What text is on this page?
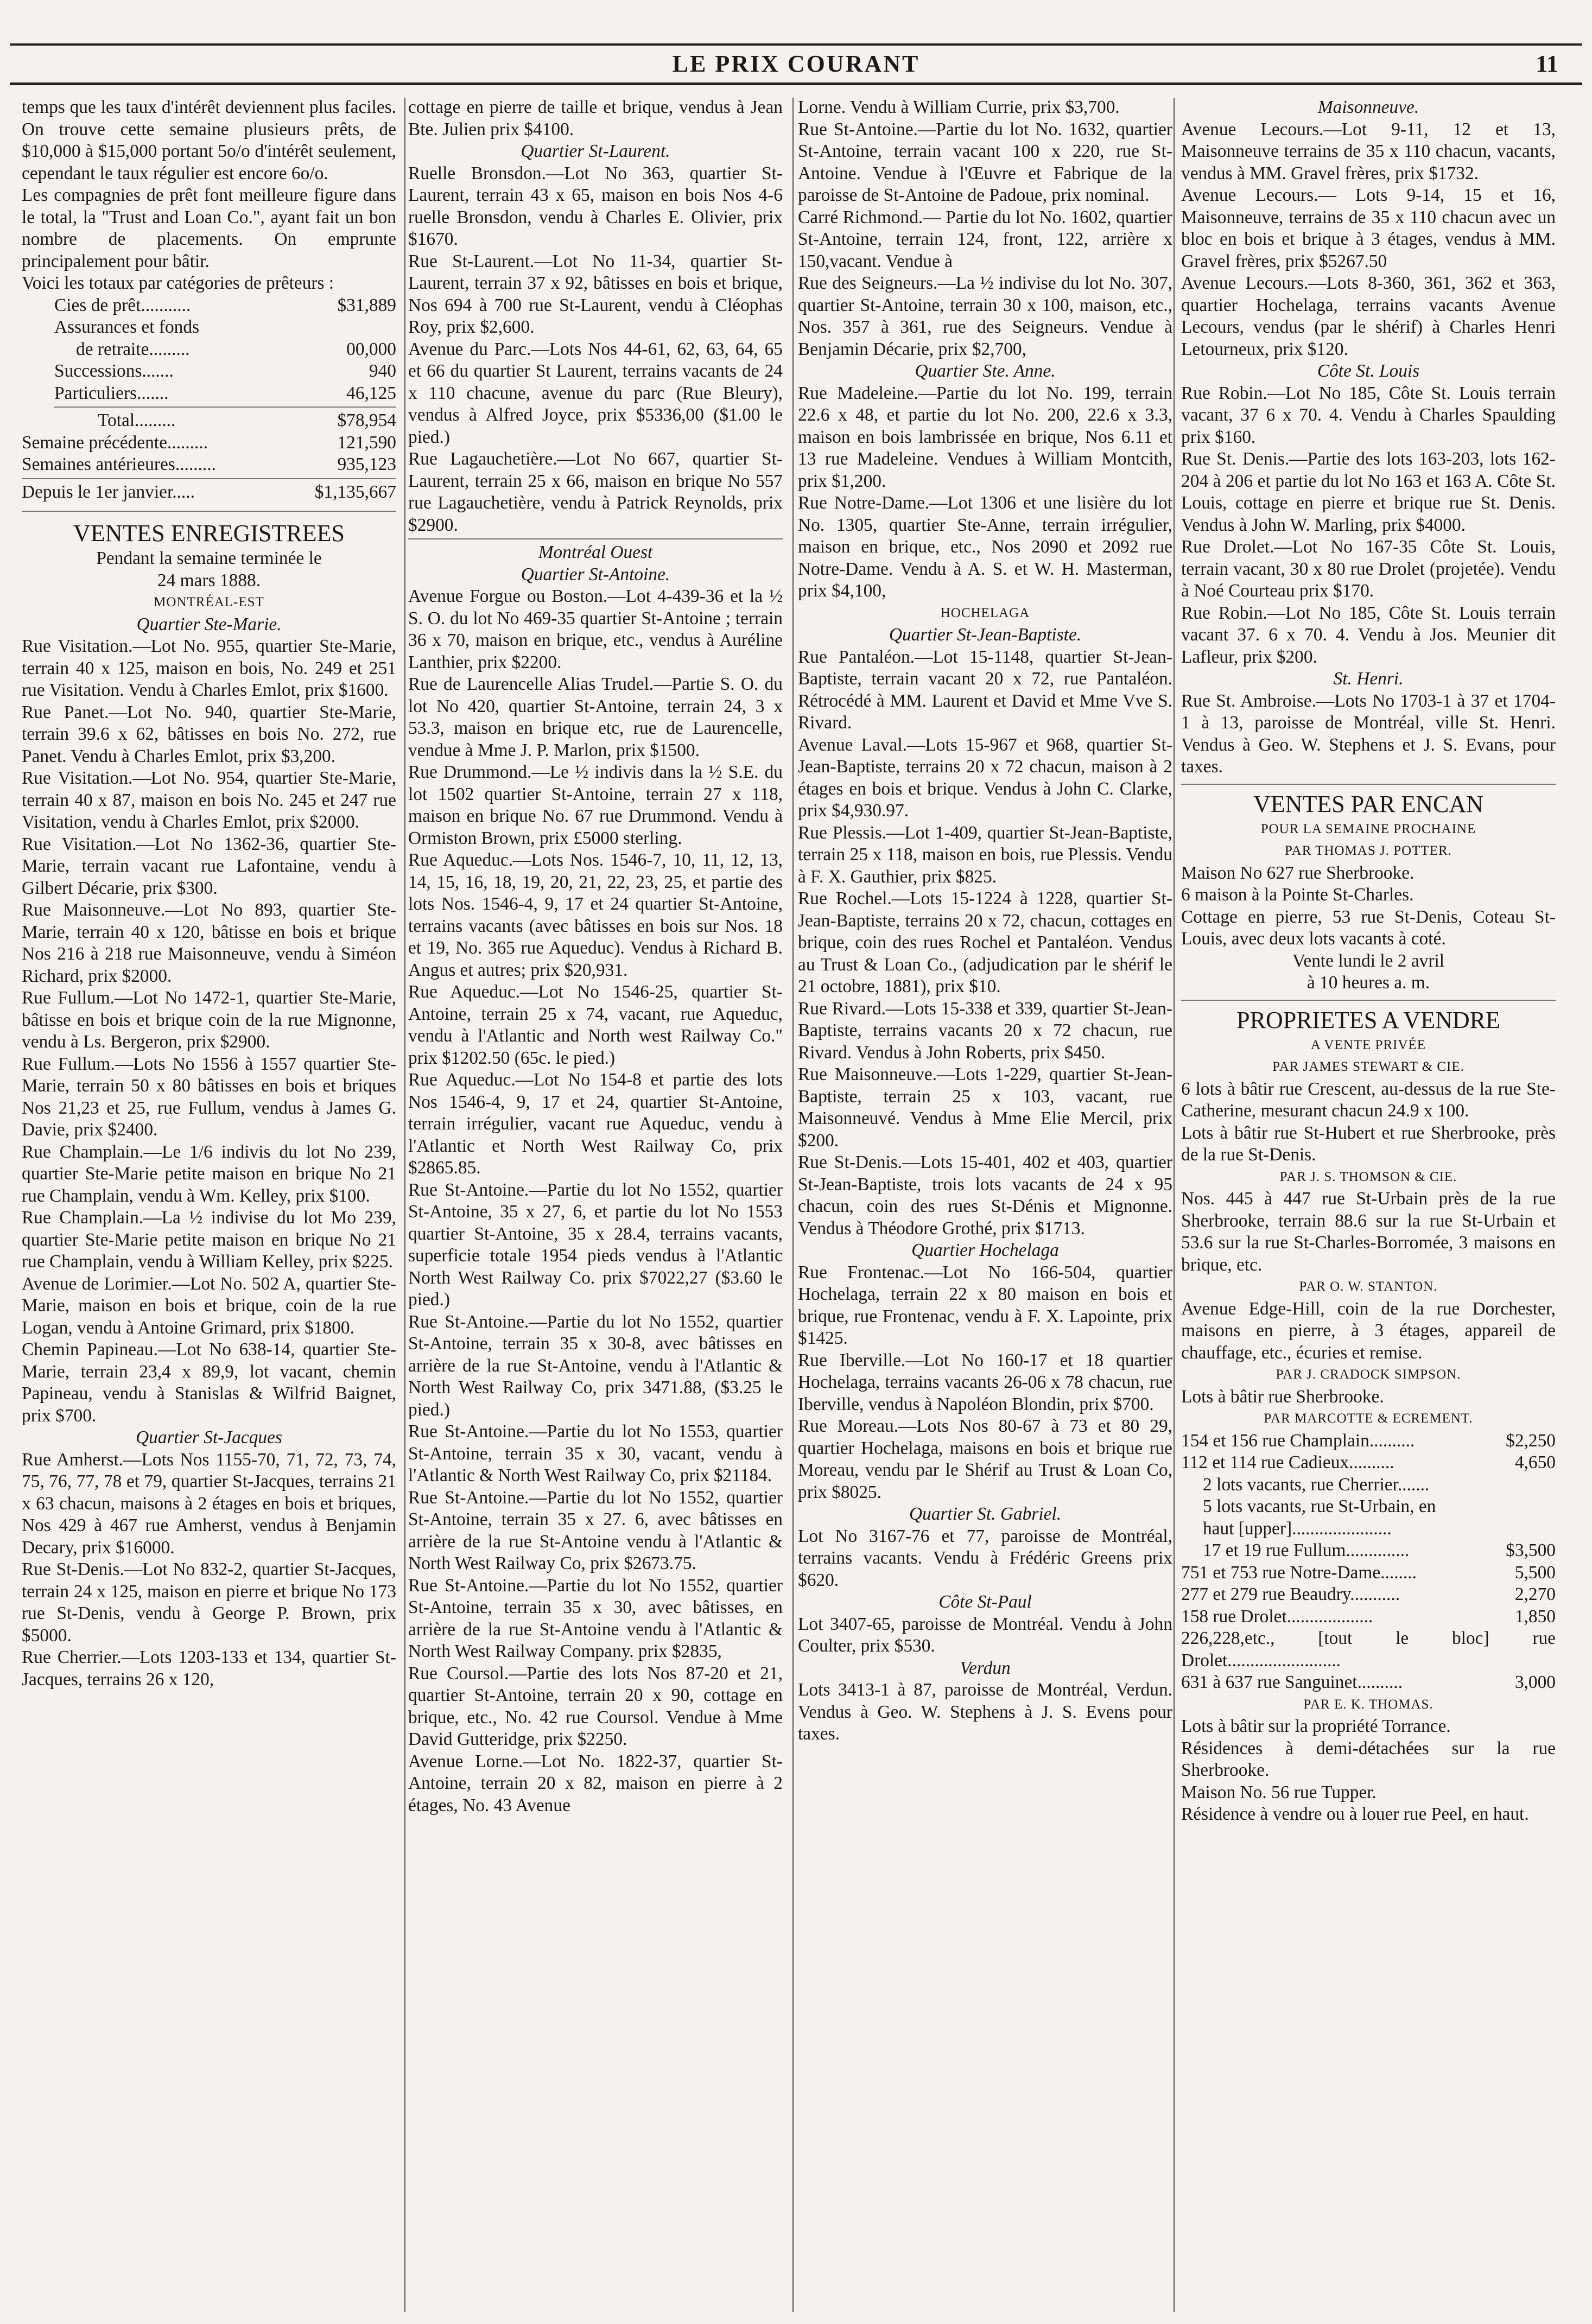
LE PRIX COURANT	11

temps que les taux d'intérêt deviennent plus faciles. On trouve cette semaine plusieurs prêts, de $10,000 à $15,000 portant 5o/o d'intérêt seulement, cependant le taux régulier est encore 6o/o.

Les compagnies de prêt font meilleure figure dans le total, la "Trust and Loan Co.", ayant fait un bon nombre de placements. On emprunte principalement pour bâtir.

Voici les totaux par catégories de prêteurs :

Cies de prêt...........	$31,889
Assurances et fonds
de retraite.........	00,000
Successions.......	940
Particuliers.......	46,125
Total.........	$78,954
Semaine précédente.........	121,590
Semaines antérieures.........	935,123
Depuis le 1er janvier.....	$1,135,667

VENTES ENREGISTREES

Pendant la semaine terminée le

24 mars 1888.

MONTRÉAL-EST

Quartier Ste-Marie.

Rue Visitation.—Lot No. 955, quartier Ste-Marie, terrain 40 x 125, maison en bois, No. 249 et 251 rue Visitation. Vendu à Charles Emlot, prix $1600.

Rue Panet.—Lot No. 940, quartier Ste-Marie, terrain 39.6 x 62, bâtisses en bois No. 272, rue Panet. Vendu à Charles Emlot, prix $3,200.

Rue Visitation.—Lot No. 954, quartier Ste-Marie, terrain 40 x 87, maison en bois No. 245 et 247 rue Visitation, vendu à Charles Emlot, prix $2000.

Rue Visitation.—Lot No 1362-36, quartier Ste-Marie, terrain vacant rue Lafontaine, vendu à Gilbert Décarie, prix $300.

Rue Maisonneuve.—Lot No 893, quartier Ste-Marie, terrain 40 x 120, bâtisse en bois et brique Nos 216 à 218 rue Maisonneuve, vendu à Siméon Richard, prix $2000.

Rue Fullum.—Lot No 1472-1, quartier Ste-Marie, bâtisse en bois et brique coin de la rue Mignonne, vendu à Ls. Bergeron, prix $2900.

Rue Fullum.—Lots No 1556 à 1557 quartier Ste-Marie, terrain 50 x 80 bâtisses en bois et briques Nos 21,23 et 25, rue Fullum, vendus à James G. Davie, prix $2400.

Rue Champlain.—Le 1/6 indivis du lot No 239, quartier Ste-Marie petite maison en brique No 21 rue Champlain, vendu à Wm. Kelley, prix $100.

Rue Champlain.—La ½ indivise du lot Mo 239, quartier Ste-Marie petite maison en brique No 21 rue Champlain, vendu à William Kelley, prix $225.

Avenue de Lorimier.—Lot No. 502 A, quartier Ste-Marie, maison en bois et brique, coin de la rue Logan, vendu à Antoine Grimard, prix $1800.

Chemin Papineau.—Lot No 638-14, quartier Ste-Marie, terrain 23,4 x 89,9, lot vacant, chemin Papineau, vendu à Stanislas & Wilfrid Baignet, prix $700.

Quartier St-Jacques

Rue Amherst.—Lots Nos 1155-70, 71, 72, 73, 74, 75, 76, 77, 78 et 79, quartier St-Jacques, terrains 21 x 63 chacun, maisons à 2 étages en bois et briques, Nos 429 à 467 rue Amherst, vendus à Benjamin Decary, prix $16000.

Rue St-Denis.—Lot No 832-2, quartier St-Jacques, terrain 24 x 125, maison en pierre et brique No 173 rue St-Denis, vendu à George P. Brown, prix $5000.

Rue Cherrier.—Lots 1203-133 et 134, quartier St-Jacques, terrains 26 x 120,

cottage en pierre de taille et brique, vendus à Jean Bte. Julien prix $4100.

Quartier St-Laurent.

Ruelle Bronsdon.—Lot No 363, quartier St-Laurent, terrain 43 x 65, maison en bois Nos 4-6 ruelle Bronsdon, vendu à Charles E. Olivier, prix $1670.

Rue St-Laurent.—Lot No 11-34, quartier St-Laurent, terrain 37 x 92, bâtisses en bois et brique, Nos 694 à 700 rue St-Laurent, vendu à Cléophas Roy, prix $2,600.

Avenue du Parc.—Lots Nos 44-61, 62, 63, 64, 65 et 66 du quartier St Laurent, terrains vacants de 24 x 110 chacune, avenue du parc (Rue Bleury), vendus à Alfred Joyce, prix $5336,00 ($1.00 le pied.)

Rue Lagauchetière.—Lot No 667, quartier St-Laurent, terrain 25 x 66, maison en brique No 557 rue Lagauchetière, vendu à Patrick Reynolds, prix $2900.

Montréal Ouest

Quartier St-Antoine.

Avenue Forgue ou Boston.—Lot 4-439-36 et la ½ S. O. du lot No 469-35 quartier St-Antoine ; terrain 36 x 70, maison en brique, etc., vendus à Auréline Lanthier, prix $2200.

Rue de Laurencelle Alias Trudel.—Partie S. O. du lot No 420, quartier St-Antoine, terrain 24, 3 x 53.3, maison en brique etc, rue de Laurencelle, vendue à Mme J. P. Marlon, prix $1500.

Rue Drummond.—Le ½ indivis dans la ½ S.E. du lot 1502 quartier St-Antoine, terrain 27 x 118, maison en brique No. 67 rue Drummond. Vendu à Ormiston Brown, prix £5000 sterling.

Rue Aqueduc.—Lots Nos. 1546-7, 10, 11, 12, 13, 14, 15, 16, 18, 19, 20, 21, 22, 23, 25, et partie des lots Nos. 1546-4, 9, 17 et 24 quartier St-Antoine, terrains vacants (avec bâtisses en bois sur Nos. 18 et 19, No. 365 rue Aqueduc). Vendus à Richard B. Angus et autres; prix $20,931.

Rue Aqueduc.—Lot No 1546-25, quartier St-Antoine, terrain 25 x 74, vacant, rue Aqueduc, vendu à l'Atlantic and North west Railway Co." prix $1202.50 (65c. le pied.)

Rue Aqueduc.—Lot No 154-8 et partie des lots Nos 1546-4, 9, 17 et 24, quartier St-Antoine, terrain irrégulier, vacant rue Aqueduc, vendu à l'Atlantic et North West Railway Co, prix $2865.85.

Rue St-Antoine.—Partie du lot No 1552, quartier St-Antoine, 35 x 27, 6, et partie du lot No 1553 quartier St-Antoine, 35 x 28.4, terrains vacants, superficie totale 1954 pieds vendus à l'Atlantic North West Railway Co. prix $7022,27 ($3.60 le pied.)

Rue St-Antoine.—Partie du lot No 1552, quartier St-Antoine, terrain 35 x 30-8, avec bâtisses en arrière de la rue St-Antoine, vendu à l'Atlantic & North West Railway Co, prix 3471.88, ($3.25 le pied.)

Rue St-Antoine.—Partie du lot No 1553, quartier St-Antoine, terrain 35 x 30, vacant, vendu à l'Atlantic & North West Railway Co, prix $21184.

Rue St-Antoine.—Partie du lot No 1552, quartier St-Antoine, terrain 35 x 27. 6, avec bâtisses en arrière de la rue St-Antoine vendu à l'Atlantic & North West Railway Co, prix $2673.75.

Rue St-Antoine.—Partie du lot No 1552, quartier St-Antoine, terrain 35 x 30, avec bâtisses, en arrière de la rue St-Antoine vendu à l'Atlantic & North West Railway Company. prix $2835,

Rue Coursol.—Partie des lots Nos 87-20 et 21, quartier St-Antoine, terrain 20 x 90, cottage en brique, etc., No. 42 rue Coursol. Vendue à Mme David Gutteridge, prix $2250.

Avenue Lorne.—Lot No. 1822-37, quartier St-Antoine, terrain 20 x 82, maison en pierre à 2 étages, No. 43 Avenue

Lorne. Vendu à William Currie, prix $3,700.

Rue St-Antoine.—Partie du lot No. 1632, quartier St-Antoine, terrain vacant 100 x 220, rue St-Antoine. Vendue à l'Œuvre et Fabrique de la paroisse de St-Antoine de Padoue, prix nominal.

Carré Richmond.— Partie du lot No. 1602, quartier St-Antoine, terrain 124, front, 122, arrière x 150,vacant. Vendue à

Rue des Seigneurs.—La ½ indivise du lot No. 307, quartier St-Antoine, terrain 30 x 100, maison, etc., Nos. 357 à 361, rue des Seigneurs. Vendue à Benjamin Décarie, prix $2,700,

Quartier Ste. Anne.

Rue Madeleine.—Partie du lot No. 199, terrain 22.6 x 48, et partie du lot No. 200, 22.6 x 3.3, maison en bois lambrissée en brique, Nos 6.11 et 13 rue Madeleine. Vendues à William Montcith, prix $1,200.

Rue Notre-Dame.—Lot 1306 et une lisière du lot No. 1305, quartier Ste-Anne, terrain irrégulier, maison en brique, etc., Nos 2090 et 2092 rue Notre-Dame. Vendu à A. S. et W. H. Masterman, prix $4,100,

HOCHELAGA

Quartier St-Jean-Baptiste.

Rue Pantaléon.—Lot 15-1148, quartier St-Jean-Baptiste, terrain vacant 20 x 72, rue Pantaléon. Rétrocédé à MM. Laurent et David et Mme Vve S. Rivard.

Avenue Laval.—Lots 15-967 et 968, quartier St-Jean-Baptiste, terrains 20 x 72 chacun, maison à 2 étages en bois et brique. Vendus à John C. Clarke, prix $4,930.97.

Rue Plessis.—Lot 1-409, quartier St-Jean-Baptiste, terrain 25 x 118, maison en bois, rue Plessis. Vendu à F. X. Gauthier, prix $825.

Rue Rochel.—Lots 15-1224 à 1228, quartier St-Jean-Baptiste, terrains 20 x 72, chacun, cottages en brique, coin des rues Rochel et Pantaléon. Vendus au Trust & Loan Co., (adjudication par le shérif le 21 octobre, 1881), prix $10.

Rue Rivard.—Lots 15-338 et 339, quartier St-Jean-Baptiste, terrains vacants 20 x 72 chacun, rue Rivard. Vendus à John Roberts, prix $450.

Rue Maisonneuve.—Lots 1-229, quartier St-Jean-Baptiste, terrain 25 x 103, vacant, rue Maisonneuvé. Vendus à Mme Elie Mercil, prix $200.

Rue St-Denis.—Lots 15-401, 402 et 403, quartier St-Jean-Baptiste, trois lots vacants de 24 x 95 chacun, coin des rues St-Dénis et Mignonne. Vendus à Théodore Grothé, prix $1713.

Quartier Hochelaga

Rue Frontenac.—Lot No 166-504, quartier Hochelaga, terrain 22 x 80 maison en bois et brique, rue Frontenac, vendu à F. X. Lapointe, prix $1425.

Rue Iberville.—Lot No 160-17 et 18 quartier Hochelaga, terrains vacants 26-06 x 78 chacun, rue Iberville, vendus à Napoléon Blondin, prix $700.

Rue Moreau.—Lots Nos 80-67 à 73 et 80 29, quartier Hochelaga, maisons en bois et brique rue Moreau, vendu par le Shérif au Trust & Loan Co, prix $8025.

Quartier St. Gabriel.

Lot No 3167-76 et 77, paroisse de Montréal, terrains vacants. Vendu à Frédéric Greens prix $620.

Côte St-Paul

Lot 3407-65, paroisse de Montréal. Vendu à John Coulter, prix $530.

Verdun

Lots 3413-1 à 87, paroisse de Montréal, Verdun. Vendus à Geo. W. Stephens à J. S. Evens pour taxes.

Maisonneuve.

Avenue Lecours.—Lot 9-11, 12 et 13, Maisonneuve terrains de 35 x 110 chacun, vacants, vendus à MM. Gravel frères, prix $1732.

Avenue Lecours.— Lots 9-14, 15 et 16, Maisonneuve, terrains de 35 x 110 chacun avec un bloc en bois et brique à 3 étages, vendus à MM. Gravel frères, prix $5267.50

Avenue Lecours.—Lots 8-360, 361, 362 et 363, quartier Hochelaga, terrains vacants Avenue Lecours, vendus (par le shérif) à Charles Henri Letourneux, prix $120.

Côte St. Louis

Rue Robin.—Lot No 185, Côte St. Louis terrain vacant, 37 6 x 70. 4. Vendu à Charles Spaulding prix $160.

Rue St. Denis.—Partie des lots 163-203, lots 162-204 à 206 et partie du lot No 163 et 163 A. Côte St. Louis, cottage en pierre et brique rue St. Denis. Vendus à John W. Marling, prix $4000.

Rue Drolet.—Lot No 167-35 Côte St. Louis, terrain vacant, 30 x 80 rue Drolet (projetée). Vendu à Noé Courteau prix $170.

Rue Robin.—Lot No 185, Côte St. Louis terrain vacant 37. 6 x 70. 4. Vendu à Jos. Meunier dit Lafleur, prix $200.

St. Henri.

Rue St. Ambroise.—Lots No 1703-1 à 37 et 1704-1 à 13, paroisse de Montréal, ville St. Henri. Vendus à Geo. W. Stephens et J. S. Evans, pour taxes.

VENTES PAR ENCAN

POUR LA SEMAINE PROCHAINE

PAR THOMAS J. POTTER.

Maison No 627 rue Sherbrooke.

6 maison à la Pointe St-Charles.

Cottage en pierre, 53 rue St-Denis, Coteau St-Louis, avec deux lots vacants à coté.

Vente lundi le 2 avril

à 10 heures a. m.

PROPRIETES A VENDRE

A VENTE PRIVÉE

PAR JAMES STEWART & CIE.

6 lots à bâtir rue Crescent, au-dessus de la rue Ste-Catherine, mesurant chacun 24.9 x 100.

Lots à bâtir rue St-Hubert et rue Sherbrooke, près de la rue St-Denis.

PAR J. S. THOMSON & CIE.

Nos. 445 à 447 rue St-Urbain près de la rue Sherbrooke, terrain 88.6 sur la rue St-Urbain et 53.6 sur la rue St-Charles-Borromée, 3 maisons en brique, etc.

PAR O. W. STANTON.

Avenue Edge-Hill, coin de la rue Dorchester, maisons en pierre, à 3 étages, appareil de chauffage, etc., écuries et remise.

PAR J. CRADOCK SIMPSON.

Lots à bâtir rue Sherbrooke.

PAR MARCOTTE & ECREMENT.

154 et 156 rue Champlain..........	$2,250
112 et 114 rue Cadieux..........	4,650
2 lots vacants, rue Cherrier.......
5 lots vacants, rue St-Urbain, en
haut [upper]......................
17 et 19 rue Fullum..............	$3,500
751 et 753 rue Notre-Dame........	5,500
277 et 279 rue Beaudry...........	2,270
158 rue Drolet...................	1,850
226,228,etc., [tout le bloc] rue Drolet.........................
631 à 637 rue Sanguinet..........	3,000

PAR E. K. THOMAS.

Lots à bâtir sur la propriété Torrance.

Résidences à demi-détachées sur la rue Sherbrooke.

Maison No. 56 rue Tupper.

Résidence à vendre ou à louer rue Peel, en haut.
